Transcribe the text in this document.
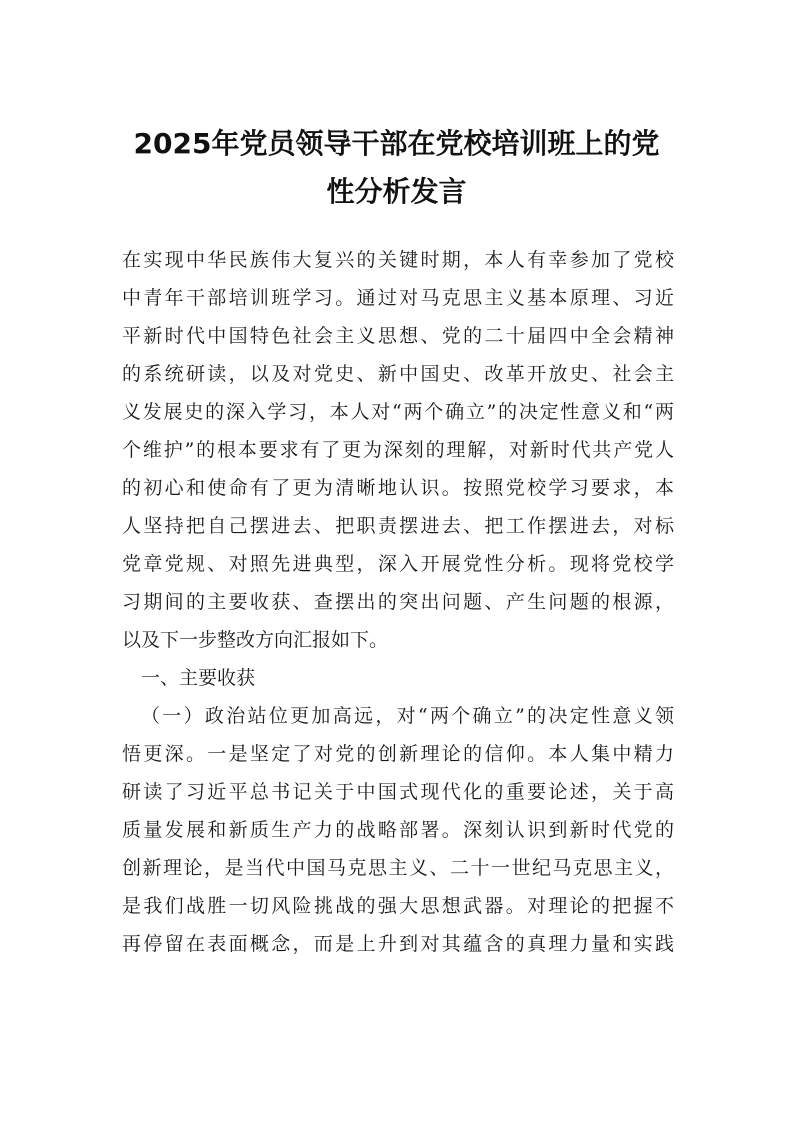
2025年党员领导干部在党校培训班上的党
性分析发言
在实现中华民族伟大复兴的关键时期，本人有幸参加了党校
中青年干部培训班学习。通过对马克思主义基本原理、习近
平新时代中国特色社会主义思想、党的二十届四中全会精神
的系统研读，以及对党史、新中国史、改革开放史、社会主
义发展史的深入学习，本人对“两个确立”的决定性意义和“两
个维护”的根本要求有了更为深刻的理解，对新时代共产党人
的初心和使命有了更为清晰地认识。按照党校学习要求，本
人坚持把自己摆进去、把职责摆进去、把工作摆进去，对标
党章党规、对照先进典型，深入开展党性分析。现将党校学
习期间的主要收获、查摆出的突出问题、产生问题的根源，
以及下一步整改方向汇报如下。
一、主要收获
（一）政治站位更加高远，对“两个确立”的决定性意义领
悟更深。一是坚定了对党的创新理论的信仰。本人集中精力
研读了习近平总书记关于中国式现代化的重要论述，关于高
质量发展和新质生产力的战略部署。深刻认识到新时代党的
创新理论，是当代中国马克思主义、二十一世纪马克思主义，
是我们战胜一切风险挑战的强大思想武器。对理论的把握不
再停留在表面概念，而是上升到对其蕴含的真理力量和实践
